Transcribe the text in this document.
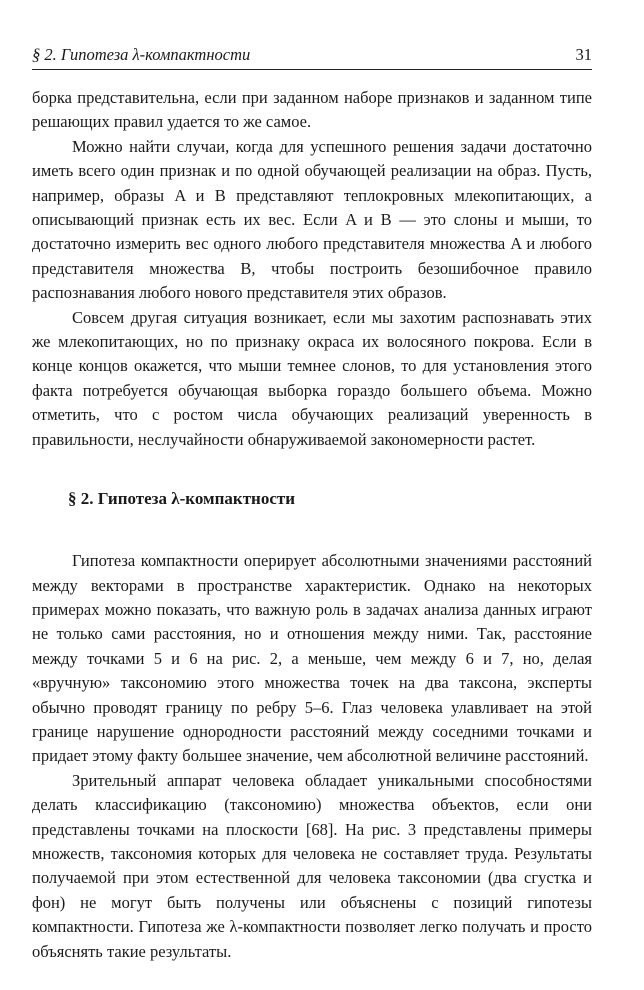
§ 2. Гипотеза λ-компактности	31

борка представительна, если при заданном наборе признаков и заданном типе решающих правил удается то же самое.

Можно найти случаи, когда для успешного решения задачи достаточно иметь всего один признак и по одной обучающей реализации на образ. Пусть, например, образы A и B представляют теплокровных млекопитающих, а описывающий признак есть их вес. Если A и B — это слоны и мыши, то достаточно измерить вес одного любого представителя множества A и любого представителя множества B, чтобы построить безошибочное правило распознавания любого нового представителя этих образов.

Совсем другая ситуация возникает, если мы захотим распознавать этих же млекопитающих, но по признаку окраса их волосяного покрова. Если в конце концов окажется, что мыши темнее слонов, то для установления этого факта потребуется обучающая выборка гораздо большего объема. Можно отметить, что с ростом числа обучающих реализаций уверенность в правильности, неслучайности обнаруживаемой закономерности растет.

§ 2. Гипотеза λ-компактности

Гипотеза компактности оперирует абсолютными значениями расстояний между векторами в пространстве характеристик. Однако на некоторых примерах можно показать, что важную роль в задачах анализа данных играют не только сами расстояния, но и отношения между ними. Так, расстояние между точками 5 и 6 на рис. 2, а меньше, чем между 6 и 7, но, делая «вручную» таксономию этого множества точек на два таксона, эксперты обычно проводят границу по ребру 5–6. Глаз человека улавливает на этой границе нарушение однородности расстояний между соседними точками и придает этому факту большее значение, чем абсолютной величине расстояний.

Зрительный аппарат человека обладает уникальными способностями делать классификацию (таксономию) множества объектов, если они представлены точками на плоскости [68]. На рис. 3 представлены примеры множеств, таксономия которых для человека не составляет труда. Результаты получаемой при этом естественной для человека таксономии (два сгустка и фон) не могут быть получены или объяснены с позиций гипотезы компактности. Гипотеза же λ-компактности позволяет легко получать и просто объяснять такие результаты.
